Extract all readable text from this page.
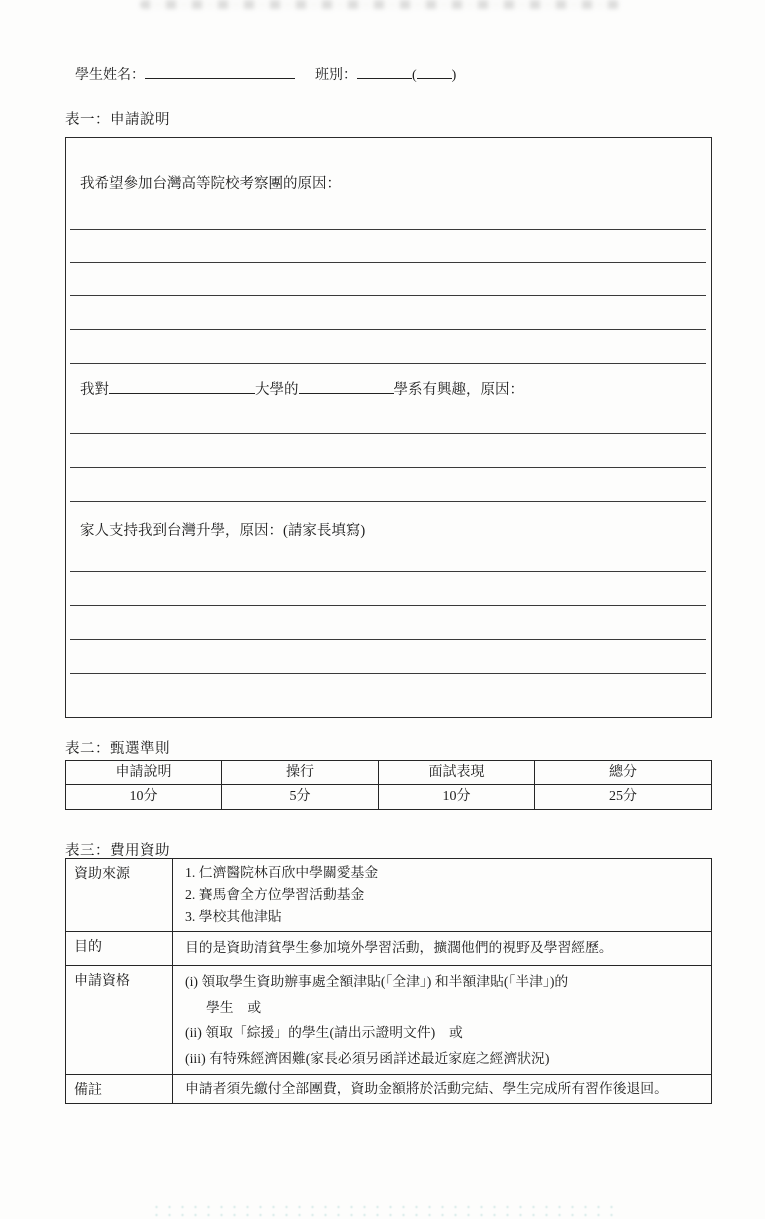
學生姓名：	班別：	(	)
表一：申請說明
我希望參加台灣高等院校考察團的原因：
我對	大學的	學系有興趣，原因：
家人支持我到台灣升學，原因：(請家長填寫)
表二：甄選準則
申請說明	操行	面試表現	總分
10分	5分	10分	25分
表三：費用資助
資助來源	1. 仁濟醫院林百欣中學關愛基金
2. 賽馬會全方位學習活動基金
3. 學校其他津貼
目的	目的是資助清貧學生參加境外學習活動，擴濶他們的視野及學習經歷。
申請資格	(i) 領取學生資助辦事處全額津貼(「全津」) 和半額津貼(「半津」)的
學生　或
(ii) 領取「綜援」的學生(請出示證明文件)　或
(iii) 有特殊經濟困難(家長必須另函詳述最近家庭之經濟狀況)
備註	申請者須先繳付全部團費，資助金額將於活動完結、學生完成所有習作後退回。
